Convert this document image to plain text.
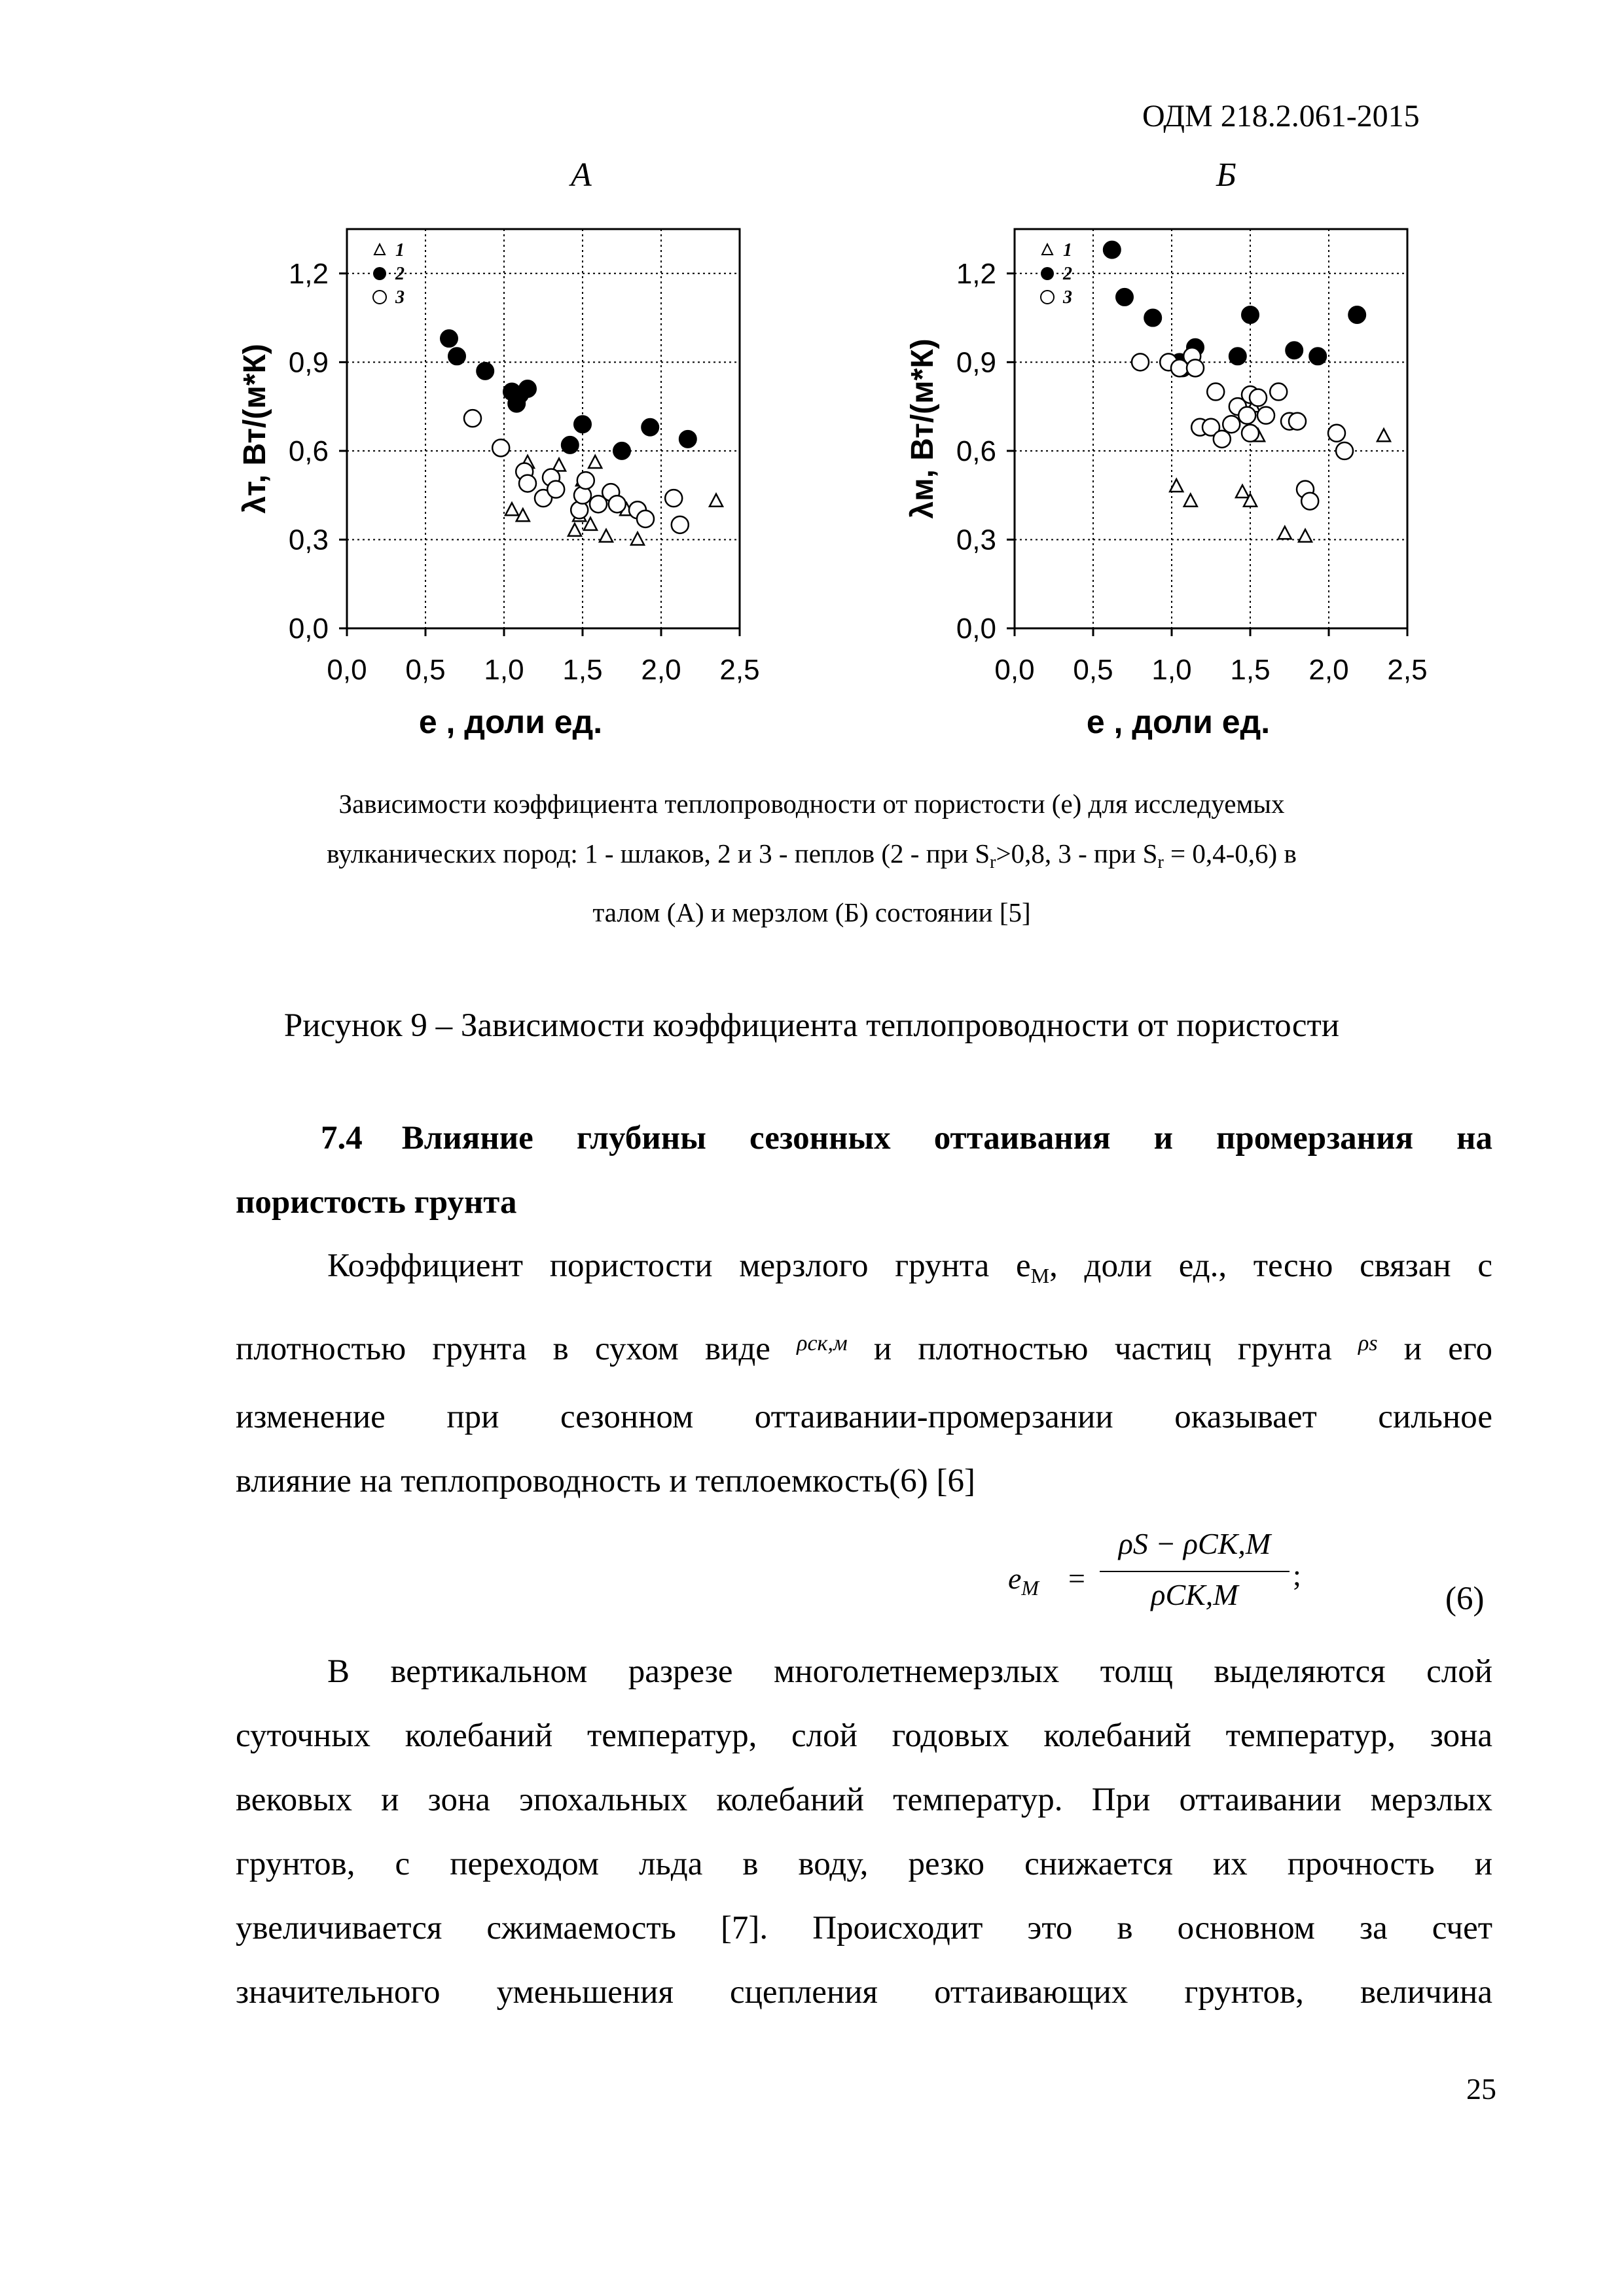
ОДМ 218.2.061-2015
А	Б
0,0 0,5 1,0 1,5 2,0 2,5
0,0
0,3
0,6
0,9
1,2
e , доли ед.
λт, Вт/(м*К)
1
2
3
0,0 0,5 1,0 1,5 2,0 2,5
0,0
0,3
0,6
0,9
1,2
e , доли ед.
λм, Вт/(м*К)
1
2
3
Зависимости коэффициента теплопроводности от пористости (е) для исследуемых
вулканических пород: 1 - шлаков, 2 и 3 - пеплов (2 - при $S_r>0,8$, 3 - при $S_r = 0,4-0,6$) в
талом (А) и мерзлом (Б) состоянии [5]
Рисунок 9 – Зависимости коэффициента теплопроводности от пористости
7.4 Влияние глубины сезонных оттаивания и промерзания на
пористость грунта
Коэффициент пористости мерзлого грунта $е_М$, доли ед., тесно связан с
плотностью грунта в сухом виде $^{\rho ск,м}$ и плотностью частиц грунта $^{\rho s}$ и его
изменение при сезонном оттаивании-промерзании оказывает сильное
влияние на теплопроводность и теплоемкость(6) [6]
$e_M$ =
ρS − ρCK,M
ρCK,M
;
(6)
В вертикальном разрезе многолетнемерзлых толщ выделяются слой
суточных колебаний температур, слой годовых колебаний температур, зона
вековых и зона эпохальных колебаний температур. При оттаивании мерзлых
грунтов, с переходом льда в воду, резко снижается их прочность и
увеличивается сжимаемость [7]. Происходит это в основном за счет
значительного уменьшения сцепления оттаивающих грунтов, величина
25
